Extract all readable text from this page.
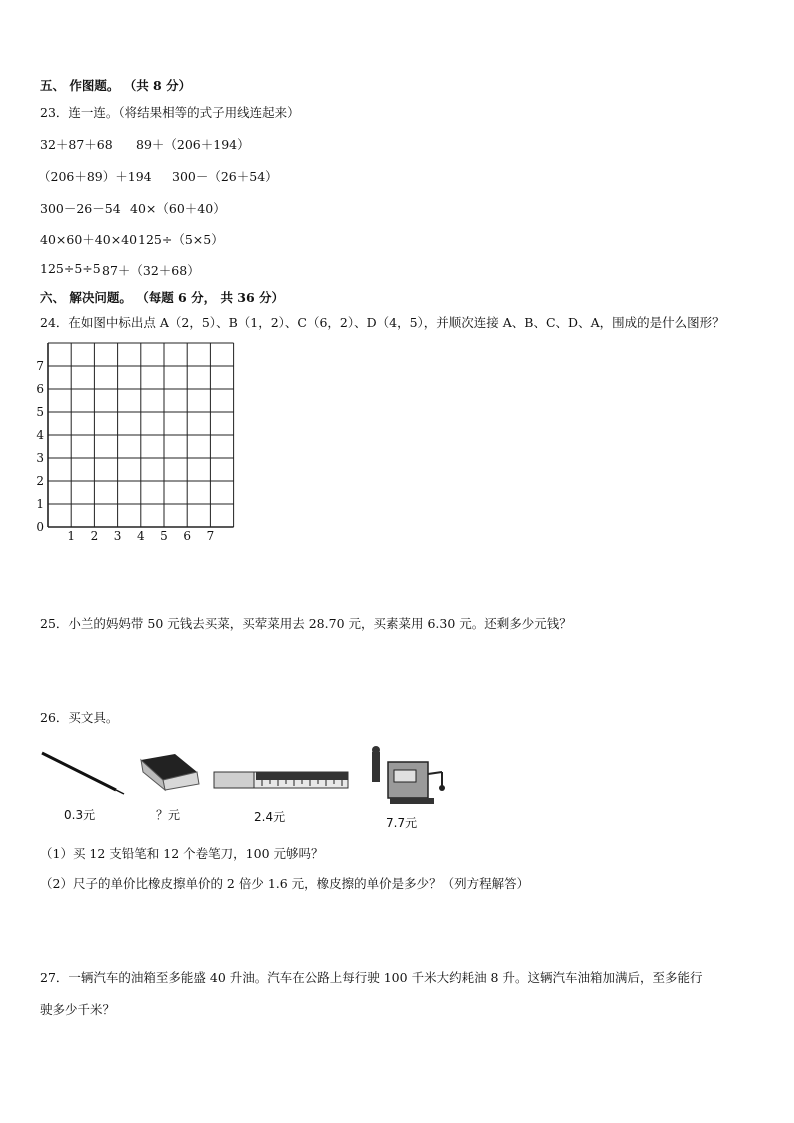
五、 作图题。 （共 8 分）
23．连一连。（将结果相等的式子用线连起来）
32＋87＋68 89＋（206＋194）
（206＋89）＋194 300－（26＋54）
300－26－54 40×（60＋40）
40×60＋40×40 125÷（5×5）
125÷5÷5 87＋（32＋68）
六、 解决问题。 （每题 6 分， 共 36 分）
24．在如图中标出点 A（2，5）、B（1，2）、C（6，2）、D（4，5），并顺次连接 A、B、C、D、A，围成的是什么图形？
1 2 3 4 5 6 7
0
1
2
3
4
5
6
7
25．小兰的妈妈带 50 元钱去买菜，买荤菜用去 28.70 元，买素菜用 6.30 元。还剩多少元钱？
26．买文具。
0.3元	？元	2.4元	7.7元
（1）买 12 支铅笔和 12 个卷笔刀，100 元够吗？
（2）尺子的单价比橡皮擦单价的 2 倍少 1.6 元，橡皮擦的单价是多少？（列方程解答）
27．一辆汽车的油箱至多能盛 40 升油。汽车在公路上每行驶 100 千米大约耗油 8 升。这辆汽车油箱加满后，至多能行
驶多少千米？
